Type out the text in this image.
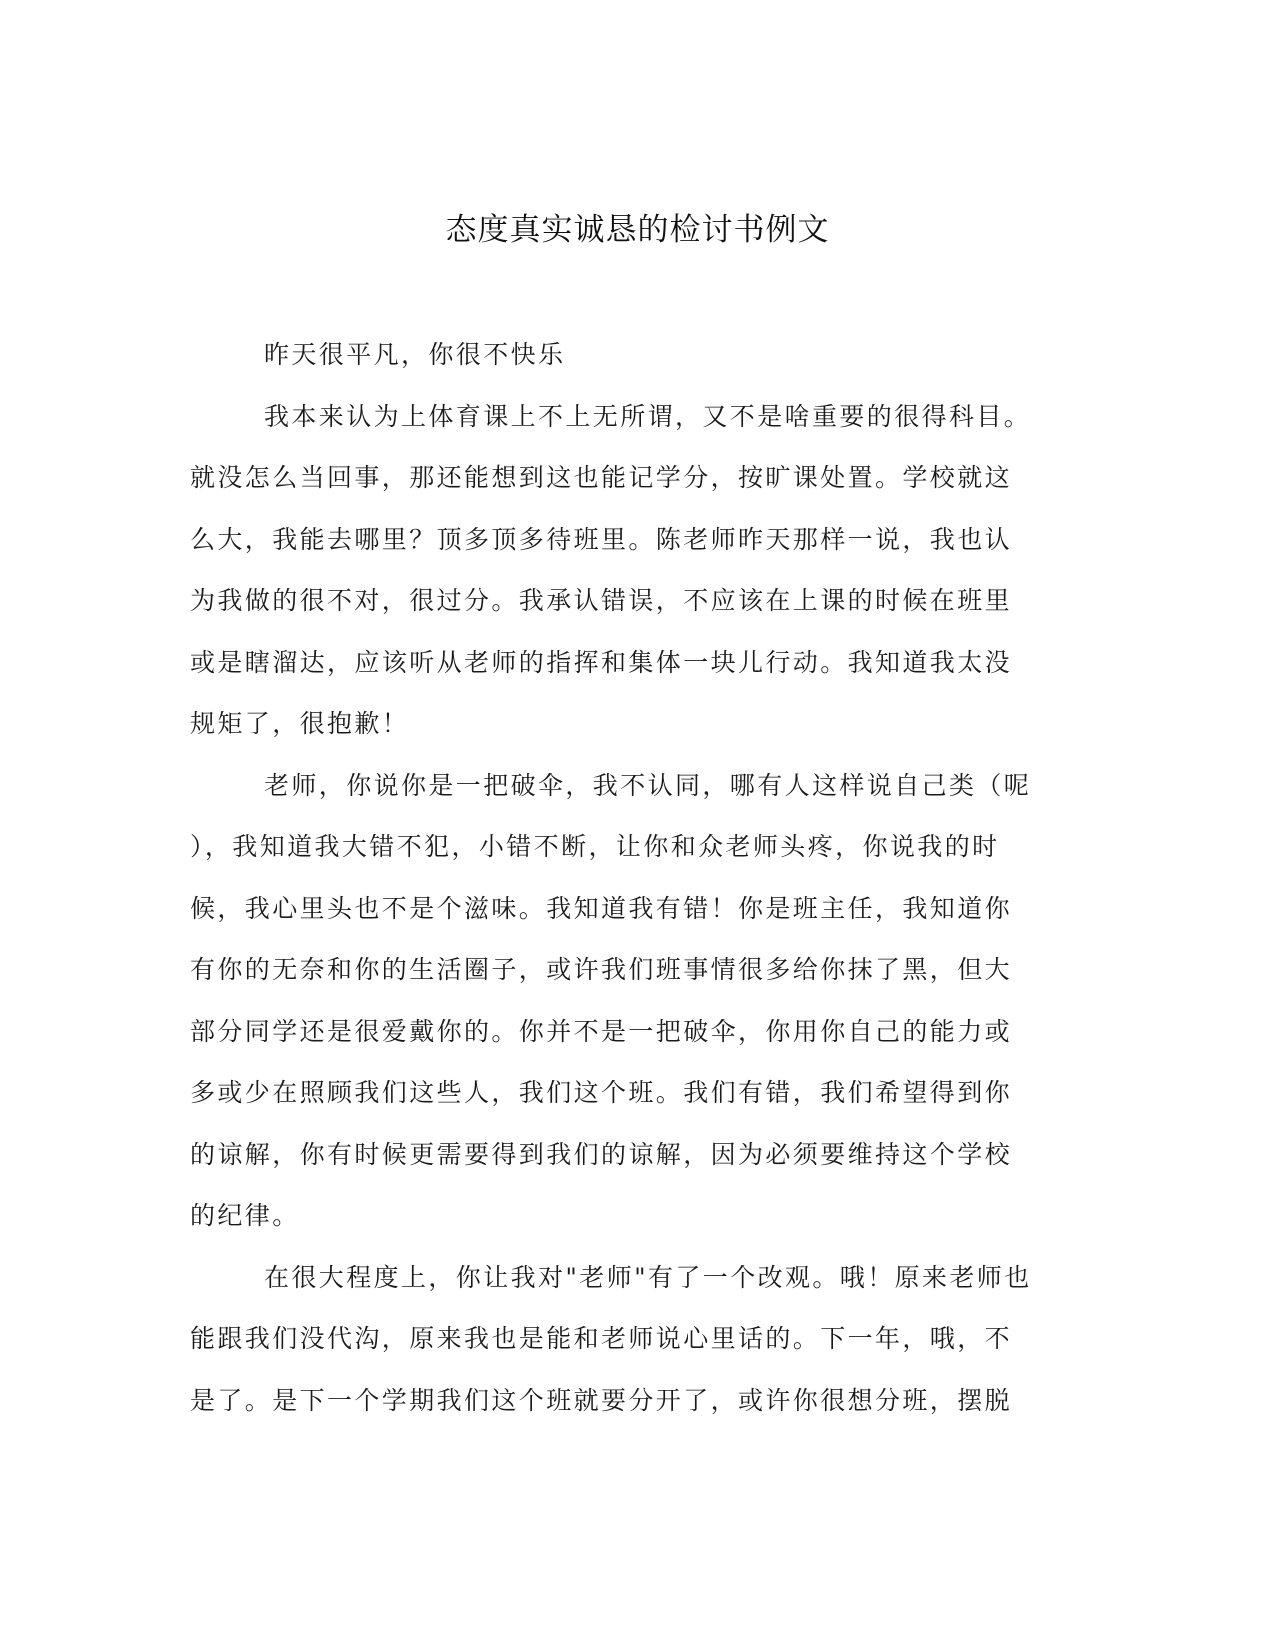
态度真实诚恳的检讨书例文
昨天很平凡，你很不快乐
我本来认为上体育课上不上无所谓，又不是啥重要的很得科目。
就没怎么当回事，那还能想到这也能记学分，按旷课处置。学校就这
么大，我能去哪里？顶多顶多待班里。陈老师昨天那样一说，我也认
为我做的很不对，很过分。我承认错误，不应该在上课的时候在班里
或是瞎溜达，应该听从老师的指挥和集体一块儿行动。我知道我太没
规矩了，很抱歉！
老师，你说你是一把破伞，我不认同，哪有人这样说自己类（呢
），我知道我大错不犯，小错不断，让你和众老师头疼，你说我的时
候，我心里头也不是个滋味。我知道我有错！你是班主任，我知道你
有你的无奈和你的生活圈子，或许我们班事情很多给你抹了黑，但大
部分同学还是很爱戴你的。你并不是一把破伞，你用你自己的能力或
多或少在照顾我们这些人，我们这个班。我们有错，我们希望得到你
的谅解，你有时候更需要得到我们的谅解，因为必须要维持这个学校
的纪律。
在很大程度上，你让我对"老师"有了一个改观。哦！原来老师也
能跟我们没代沟，原来我也是能和老师说心里话的。下一年，哦，不
是了。是下一个学期我们这个班就要分开了，或许你很想分班，摆脱
